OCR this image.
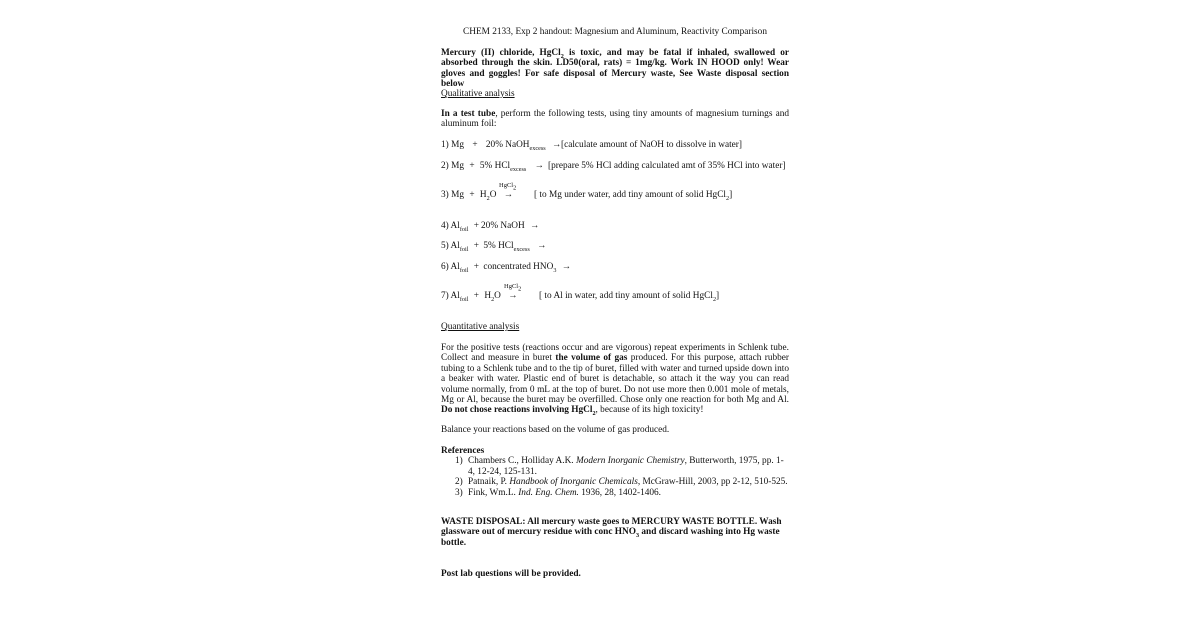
CHEM 2133, Exp 2 handout: Magnesium and Aluminum, Reactivity Comparison
Mercury (II) chloride, HgCl$_2$ is toxic, and may be fatal if inhaled, swallowed or absorbed through the skin. LD50(oral, rats) = 1mg/kg. Work IN HOOD only! Wear gloves and goggles! For safe disposal of Mercury waste, See Waste disposal section below
Qualitative analysis
In a test tube, perform the following tests, using tiny amounts of magnesium turnings and aluminum foil:
1) Mg + 20% NaOH$_{excess}$ → [calculate amount of NaOH to dissolve in water]
2) Mg + 5% HCl$_{excess}$ → [prepare 5% HCl adding calculated amt of 35% HCl into water]
HgCl$_2$
3) $Mg + H_2O$ → [ to Mg under water, add tiny amount of solid HgCl$_2$]
4) $Al_{foil} + 20\%$ NaOH →
5) $Al_{foil} + 5\%$ HCl$_{excess}$ →
6) $Al_{foil}$ + concentrated $HNO_3$ →
HgCl$_2$
7) $Al_{foil} + H_2O$ → [ to Al in water, add tiny amount of solid HgCl$_2$]
Quantitative analysis
For the positive tests (reactions occur and are vigorous) repeat experiments in Schlenk tube. Collect and measure in buret the volume of gas produced. For this purpose, attach rubber tubing to a Schlenk tube and to the tip of buret, filled with water and turned upside down into a beaker with water. Plastic end of buret is detachable, so attach it the way you can read volume normally, from 0 mL at the top of buret. Do not use more then 0.001 mole of metals, Mg or Al, because the buret may be overfilled. Chose only one reaction for both Mg and Al. Do not chose reactions involving HgCl$_2$, because of its high toxicity!
Balance your reactions based on the volume of gas produced.
References
1) Chambers C., Holliday A.K. Modern Inorganic Chemistry, Butterworth, 1975, pp. 1-4, 12-24, 125-131.
2) Patnaik, P. Handbook of Inorganic Chemicals, McGraw-Hill, 2003, pp 2-12, 510-525.
3) Fink, Wm.L. Ind. Eng. Chem. 1936, 28, 1402-1406.
WASTE DISPOSAL: All mercury waste goes to MERCURY WASTE BOTTLE. Wash glassware out of mercury residue with conc $HNO_3$ and discard washing into Hg waste bottle.
Post lab questions will be provided.
